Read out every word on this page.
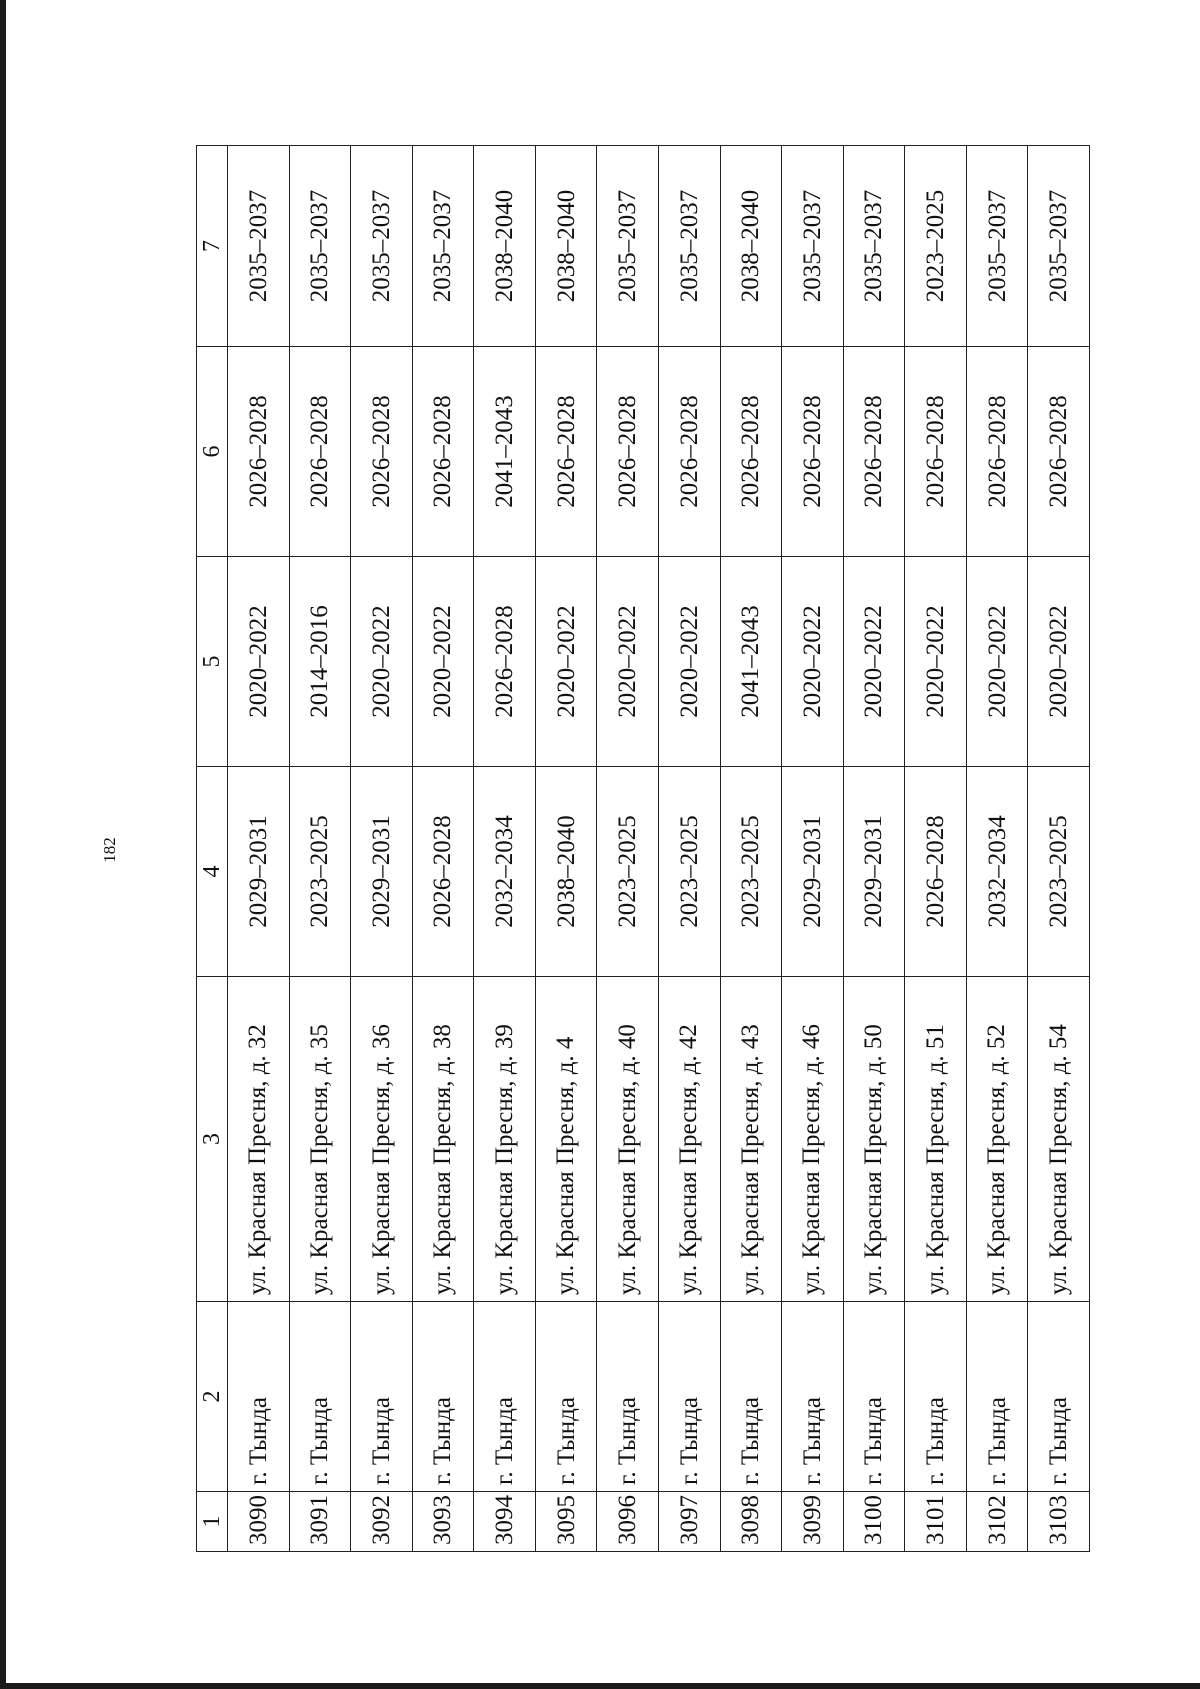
182
1	2	3	4	5	6	7
3090	г. Тында	ул. Красная Пресня, д. 32	2029–2031	2020–2022	2026–2028	2035–2037
3091	г. Тында	ул. Красная Пресня, д. 35	2023–2025	2014–2016	2026–2028	2035–2037
3092	г. Тында	ул. Красная Пресня, д. 36	2029–2031	2020–2022	2026–2028	2035–2037
3093	г. Тында	ул. Красная Пресня, д. 38	2026–2028	2020–2022	2026–2028	2035–2037
3094	г. Тында	ул. Красная Пресня, д. 39	2032–2034	2026–2028	2041–2043	2038–2040
3095	г. Тында	ул. Красная Пресня, д. 4	2038–2040	2020–2022	2026–2028	2038–2040
3096	г. Тында	ул. Красная Пресня, д. 40	2023–2025	2020–2022	2026–2028	2035–2037
3097	г. Тында	ул. Красная Пресня, д. 42	2023–2025	2020–2022	2026–2028	2035–2037
3098	г. Тында	ул. Красная Пресня, д. 43	2023–2025	2041–2043	2026–2028	2038–2040
3099	г. Тында	ул. Красная Пресня, д. 46	2029–2031	2020–2022	2026–2028	2035–2037
3100	г. Тында	ул. Красная Пресня, д. 50	2029–2031	2020–2022	2026–2028	2035–2037
3101	г. Тында	ул. Красная Пресня, д. 51	2026–2028	2020–2022	2026–2028	2023–2025
3102	г. Тында	ул. Красная Пресня, д. 52	2032–2034	2020–2022	2026–2028	2035–2037
3103	г. Тында	ул. Красная Пресня, д. 54	2023–2025	2020–2022	2026–2028	2035–2037
